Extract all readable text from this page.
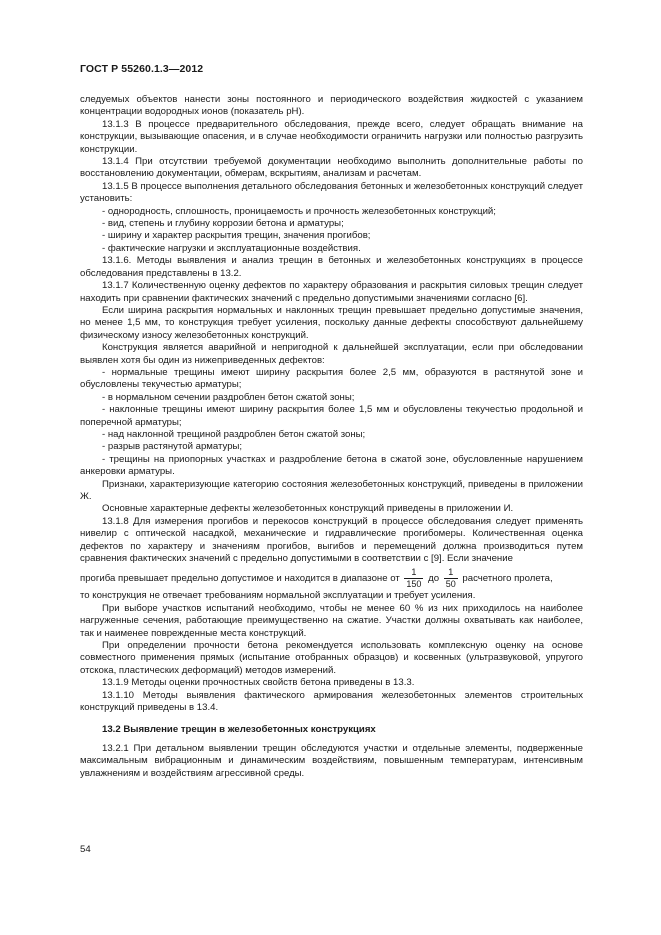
ГОСТ Р 55260.1.3—2012

следуемых объектов нанести зоны постоянного и периодического воздействия жидкостей с указанием концентрации водородных ионов (показатель рН).

13.1.3 В процессе предварительного обследования, прежде всего, следует обращать внимание на конструкции, вызывающие опасения, и в случае необходимости ограничить нагрузки или полностью разгрузить конструкции.

13.1.4 При отсутствии требуемой документации необходимо выполнить дополнительные работы по восстановлению документации, обмерам, вскрытиям, анализам и расчетам.

13.1.5 В процессе выполнения детального обследования бетонных и железобетонных конструкций следует установить:

- однородность, сплошность, проницаемость и прочность железобетонных конструкций;

- вид, степень и глубину коррозии бетона и арматуры;

- ширину и характер раскрытия трещин, значения прогибов;

- фактические нагрузки и эксплуатационные воздействия.

13.1.6. Методы выявления и анализ трещин в бетонных и железобетонных конструкциях в процессе обследования представлены в 13.2.

13.1.7 Количественную оценку дефектов по характеру образования и раскрытия силовых трещин следует находить при сравнении фактических значений с предельно допустимыми значениями согласно [6].

Если ширина раскрытия нормальных и наклонных трещин превышает предельно допустимые значения, но менее 1,5 мм, то конструкция требует усиления, поскольку данные дефекты способствуют дальнейшему физическому износу железобетонных конструкций.

Конструкция является аварийной и непригодной к дальнейшей эксплуатации, если при обследовании выявлен хотя бы один из нижеприведенных дефектов:

- нормальные трещины имеют ширину раскрытия более 2,5 мм, образуются в растянутой зоне и обусловлены текучестью арматуры;

- в нормальном сечении раздроблен бетон сжатой зоны;

- наклонные трещины имеют ширину раскрытия более 1,5 мм и обусловлены текучестью продольной и поперечной арматуры;

- над наклонной трещиной раздроблен бетон сжатой зоны;

- разрыв растянутой арматуры;

- трещины на приопорных участках и раздробление бетона в сжатой зоне, обусловленные нарушением анкеровки арматуры.

Признаки, характеризующие категорию состояния железобетонных конструкций, приведены в приложении Ж.

Основные характерные дефекты железобетонных конструкций приведены в приложении И.

13.1.8 Для измерения прогибов и перекосов конструкций в процессе обследования следует применять нивелир с оптической насадкой, механические и гидравлические прогибомеры. Количественная оценка дефектов по характеру и значениям прогибов, выгибов и перемещений должна производиться путем сравнения фактических значений с предельно допустимыми в соответствии с [9]. Если значение

прогиба превышает предельно допустимое и находится в диапазоне от $\frac{1}{150}$ до $\frac{1}{50}$ расчетного пролета,

то конструкция не отвечает требованиям нормальной эксплуатации и требует усиления.

При выборе участков испытаний необходимо, чтобы не менее 60 % из них приходилось на наиболее нагруженные сечения, работающие преимущественно на сжатие. Участки должны охватывать как наиболее, так и наименее поврежденные места конструкций.

При определении прочности бетона рекомендуется использовать комплексную оценку на основе совместного применения прямых (испытание отобранных образцов) и косвенных (ультразвуковой, упругого отскока, пластических деформаций) методов измерений.

13.1.9 Методы оценки прочностных свойств бетона приведены в 13.3.

13.1.10 Методы выявления фактического армирования железобетонных элементов строительных конструкций приведены в 13.4.

13.2 Выявление трещин в железобетонных конструкциях

13.2.1 При детальном выявлении трещин обследуются участки и отдельные элементы, подверженные максимальным вибрационным и динамическим воздействиям, повышенным температурам, интенсивным увлажнениям и воздействиям агрессивной среды.

54
